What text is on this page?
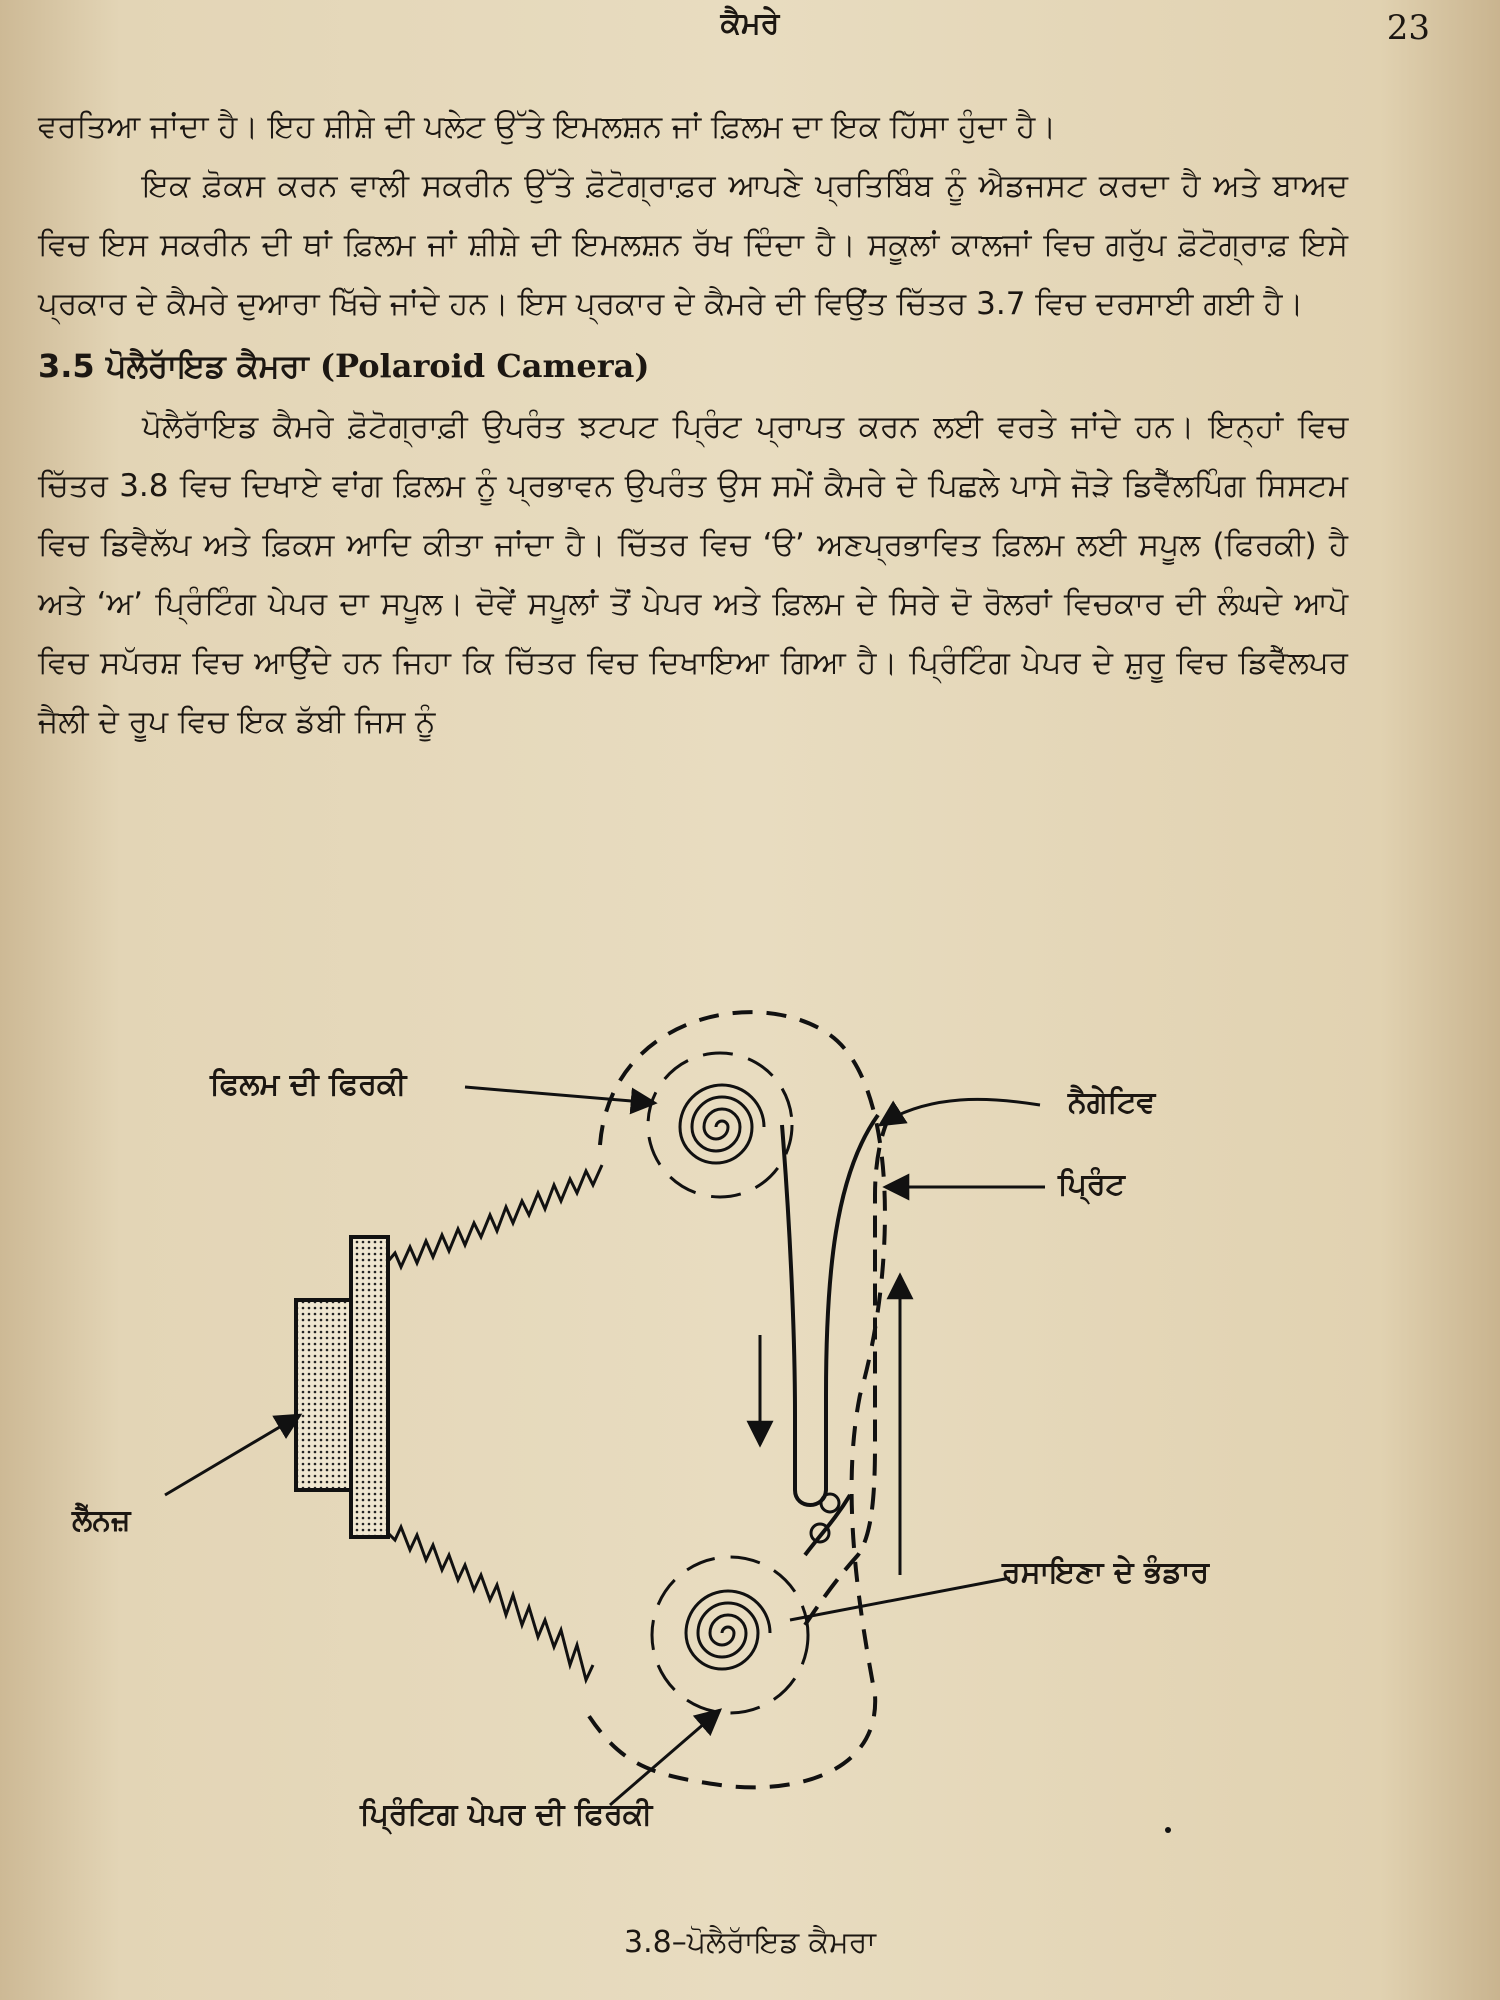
ਕੈਮਰੇ	23

ਵਰਤਿਆ ਜਾਂਦਾ ਹੈ। ਇਹ ਸ਼ੀਸ਼ੇ ਦੀ ਪਲੇਟ ਉੱਤੇ ਇਮਲਸ਼ਨ ਜਾਂ ਫ਼ਿਲਮ ਦਾ ਇਕ ਹਿੱਸਾ ਹੁੰਦਾ ਹੈ।

ਇਕ ਫ਼ੋਕਸ ਕਰਨ ਵਾਲੀ ਸਕਰੀਨ ਉੱਤੇ ਫ਼ੋਟੋਗ੍ਰਾਫ਼ਰ ਆਪਣੇ ਪ੍ਰਤਿਬਿੰਬ ਨੂੰ ਐਡਜਸਟ ਕਰਦਾ ਹੈ ਅਤੇ ਬਾਅਦ ਵਿਚ ਇਸ ਸਕਰੀਨ ਦੀ ਥਾਂ ਫ਼ਿਲਮ ਜਾਂ ਸ਼ੀਸ਼ੇ ਦੀ ਇਮਲਸ਼ਨ ਰੱਖ ਦਿੰਦਾ ਹੈ। ਸਕੂਲਾਂ ਕਾਲਜਾਂ ਵਿਚ ਗਰੁੱਪ ਫ਼ੋਟੋਗ੍ਰਾਫ਼ ਇਸੇ ਪ੍ਰਕਾਰ ਦੇ ਕੈਮਰੇ ਦੁਆਰਾ ਖਿੱਚੇ ਜਾਂਦੇ ਹਨ। ਇਸ ਪ੍ਰਕਾਰ ਦੇ ਕੈਮਰੇ ਦੀ ਵਿਉਂਤ ਚਿੱਤਰ 3.7 ਵਿਚ ਦਰਸਾਈ ਗਈ ਹੈ।

3.5 ਪੋਲੈਰਾੱਇਡ ਕੈਮਰਾ (Polaroid Camera)

ਪੋਲੈਰਾੱਇਡ ਕੈਮਰੇ ਫ਼ੋਟੋਗ੍ਰਾਫ਼ੀ ਉਪਰੰਤ ਝਟਪਟ ਪ੍ਰਿੰਟ ਪ੍ਰਾਪਤ ਕਰਨ ਲਈ ਵਰਤੇ ਜਾਂਦੇ ਹਨ। ਇਨ੍ਹਾਂ ਵਿਚ ਚਿੱਤਰ 3.8 ਵਿਚ ਦਿਖਾਏ ਵਾਂਗ ਫ਼ਿਲਮ ਨੂੰ ਪ੍ਰਭਾਵਨ ਉਪਰੰਤ ਉਸ ਸਮੇਂ ਕੈਮਰੇ ਦੇ ਪਿਛਲੇ ਪਾਸੇ ਜੋੜੇ ਡਿਵੈੱਲਪਿੰਗ ਸਿਸਟਮ ਵਿਚ ਡਿਵੈਲੱਪ ਅਤੇ ਫ਼ਿਕਸ ਆਦਿ ਕੀਤਾ ਜਾਂਦਾ ਹੈ। ਚਿੱਤਰ ਵਿਚ ‘ੳ’ ਅਣਪ੍ਰਭਾਵਿਤ ਫ਼ਿਲਮ ਲਈ ਸਪੂਲ (ਫਿਰਕੀ) ਹੈ ਅਤੇ ‘ਅ’ ਪ੍ਰਿੰਟਿੰਗ ਪੇਪਰ ਦਾ ਸਪੂਲ। ਦੋਵੇਂ ਸਪੂਲਾਂ ਤੋਂ ਪੇਪਰ ਅਤੇ ਫ਼ਿਲਮ ਦੇ ਸਿਰੇ ਦੋ ਰੋਲਰਾਂ ਵਿਚਕਾਰ ਦੀ ਲੰਘਦੇ ਆਪੋ ਵਿਚ ਸਪੱਰਸ਼ ਵਿਚ ਆਉਂਦੇ ਹਨ ਜਿਹਾ ਕਿ ਚਿੱਤਰ ਵਿਚ ਦਿਖਾਇਆ ਗਿਆ ਹੈ। ਪ੍ਰਿੰਟਿੰਗ ਪੇਪਰ ਦੇ ਸ਼ੁਰੂ ਵਿਚ ਡਿਵੈੱਲਪਰ ਜੈਲੀ ਦੇ ਰੂਪ ਵਿਚ ਇਕ ਡੱਬੀ ਜਿਸ ਨੂੰ

ਫਿਲਮ ਦੀ ਫਿਰਕੀ
ਨੈਗੇਟਿਵ
ਪ੍ਰਿੰਟ
ਲੈੱਨਜ਼
ਰਸਾਇਣਾ ਦੇ ਭੰਡਾਰ
ਪ੍ਰਿੰਟਿਗ ਪੇਪਰ ਦੀ ਫਿਰਕੀ
3.8–ਪੋਲੈਰਾੱਇਡ ਕੈਮਰਾ
